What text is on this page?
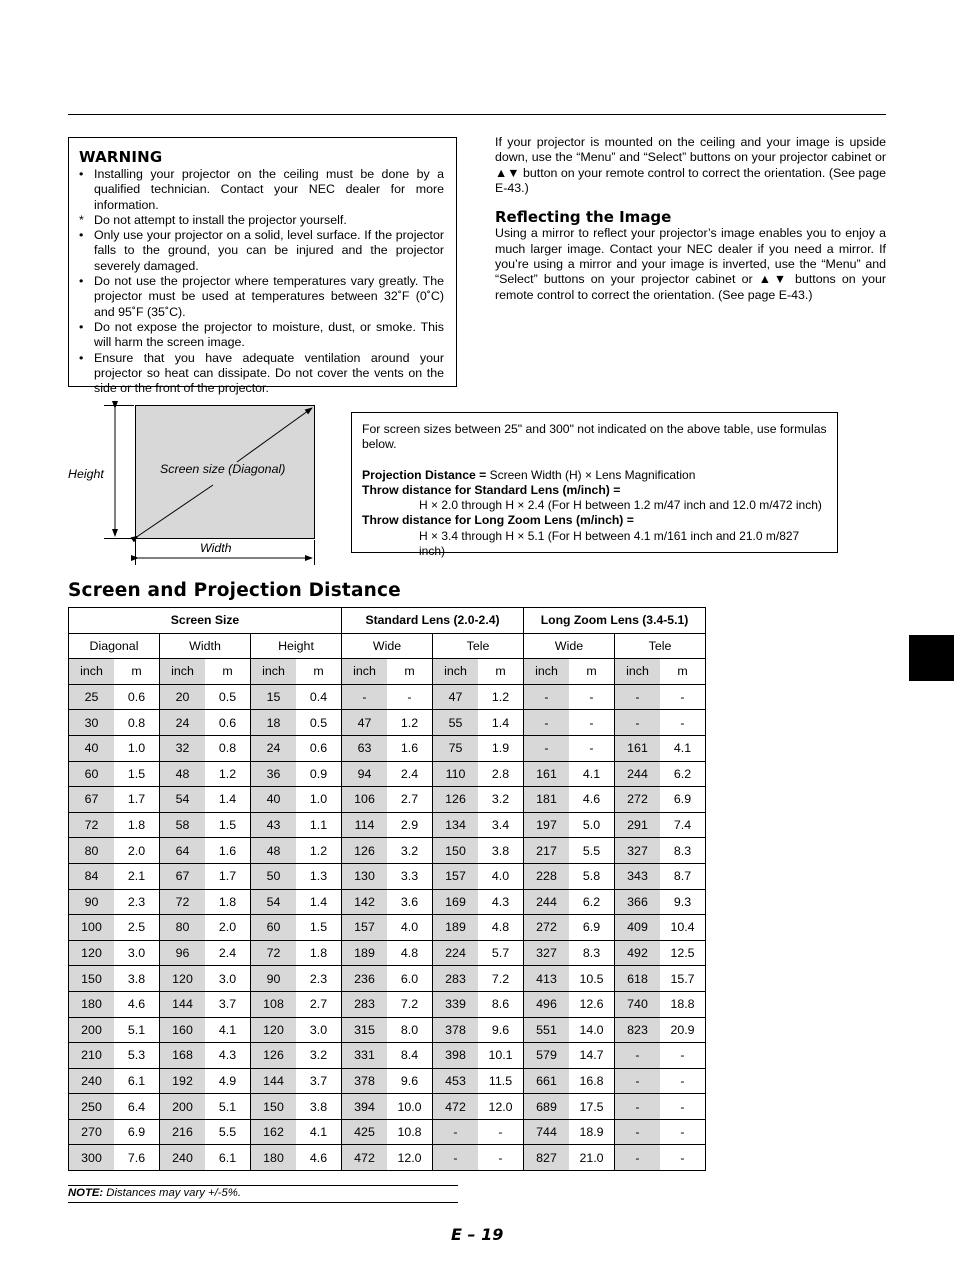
WARNING
• Installing your projector on the ceiling must be done by a qualified technician. Contact your NEC dealer for more information.
* Do not attempt to install the projector yourself.
• Only use your projector on a solid, level surface. If the projector falls to the ground, you can be injured and the projector severely damaged.
• Do not use the projector where temperatures vary greatly. The projector must be used at temperatures between 32˚F (0˚C) and 95˚F (35˚C).
• Do not expose the projector to moisture, dust, or smoke. This will harm the screen image.
• Ensure that you have adequate ventilation around your projector so heat can dissipate. Do not cover the vents on the side or the front of the projector.

If your projector is mounted on the ceiling and your image is upside down, use the “Menu” and “Select” buttons on your projector cabinet or ▲▼ button on your remote control to correct the orientation. (See page E-43.)

Reflecting the Image

Using a mirror to reflect your projector’s image enables you to enjoy a much larger image. Contact your NEC dealer if you need a mirror. If you’re using a mirror and your image is inverted, use the “Menu” and “Select” buttons on your projector cabinet or ▲▼ buttons on your remote control to correct the orientation. (See page E-43.)

Height	Screen size (Diagonal)
Width

For screen sizes between 25" and 300" not indicated on the above table, use formulas below.

Projection Distance = Screen Width (H) × Lens Magnification

Throw distance for Standard Lens (m/inch) =

H × 2.0 through H × 2.4 (For H between 1.2 m/47 inch and 12.0 m/472 inch)

Throw distance for Long Zoom Lens (m/inch) =

H × 3.4 through H × 5.1 (For H between 4.1 m/161 inch and 21.0 m/827 inch)

Screen and Projection Distance
Screen Size						Standard Lens (2.0-2.4)				Long Zoom Lens (3.4-5.1)			
Diagonal		Width		Height		Wide		Tele		Wide		Tele	
inch	m	inch	m	inch	m	inch	m	inch	m	inch	m	inch	m
25	0.6	20	0.5	15	0.4	-	-	47	1.2	-	-	-	-
30	0.8	24	0.6	18	0.5	47	1.2	55	1.4	-	-	-	-
40	1.0	32	0.8	24	0.6	63	1.6	75	1.9	-	-	161	4.1
60	1.5	48	1.2	36	0.9	94	2.4	110	2.8	161	4.1	244	6.2
67	1.7	54	1.4	40	1.0	106	2.7	126	3.2	181	4.6	272	6.9
72	1.8	58	1.5	43	1.1	114	2.9	134	3.4	197	5.0	291	7.4
80	2.0	64	1.6	48	1.2	126	3.2	150	3.8	217	5.5	327	8.3
84	2.1	67	1.7	50	1.3	130	3.3	157	4.0	228	5.8	343	8.7
90	2.3	72	1.8	54	1.4	142	3.6	169	4.3	244	6.2	366	9.3
100	2.5	80	2.0	60	1.5	157	4.0	189	4.8	272	6.9	409	10.4
120	3.0	96	2.4	72	1.8	189	4.8	224	5.7	327	8.3	492	12.5
150	3.8	120	3.0	90	2.3	236	6.0	283	7.2	413	10.5	618	15.7
180	4.6	144	3.7	108	2.7	283	7.2	339	8.6	496	12.6	740	18.8
200	5.1	160	4.1	120	3.0	315	8.0	378	9.6	551	14.0	823	20.9
210	5.3	168	4.3	126	3.2	331	8.4	398	10.1	579	14.7	-	-
240	6.1	192	4.9	144	3.7	378	9.6	453	11.5	661	16.8	-	-
250	6.4	200	5.1	150	3.8	394	10.0	472	12.0	689	17.5	-	-
270	6.9	216	5.5	162	4.1	425	10.8	-	-	744	18.9	-	-
300	7.6	240	6.1	180	4.6	472	12.0	-	-	827	21.0	-	-
NOTE: Distances may vary +/-5%.
E – 19
